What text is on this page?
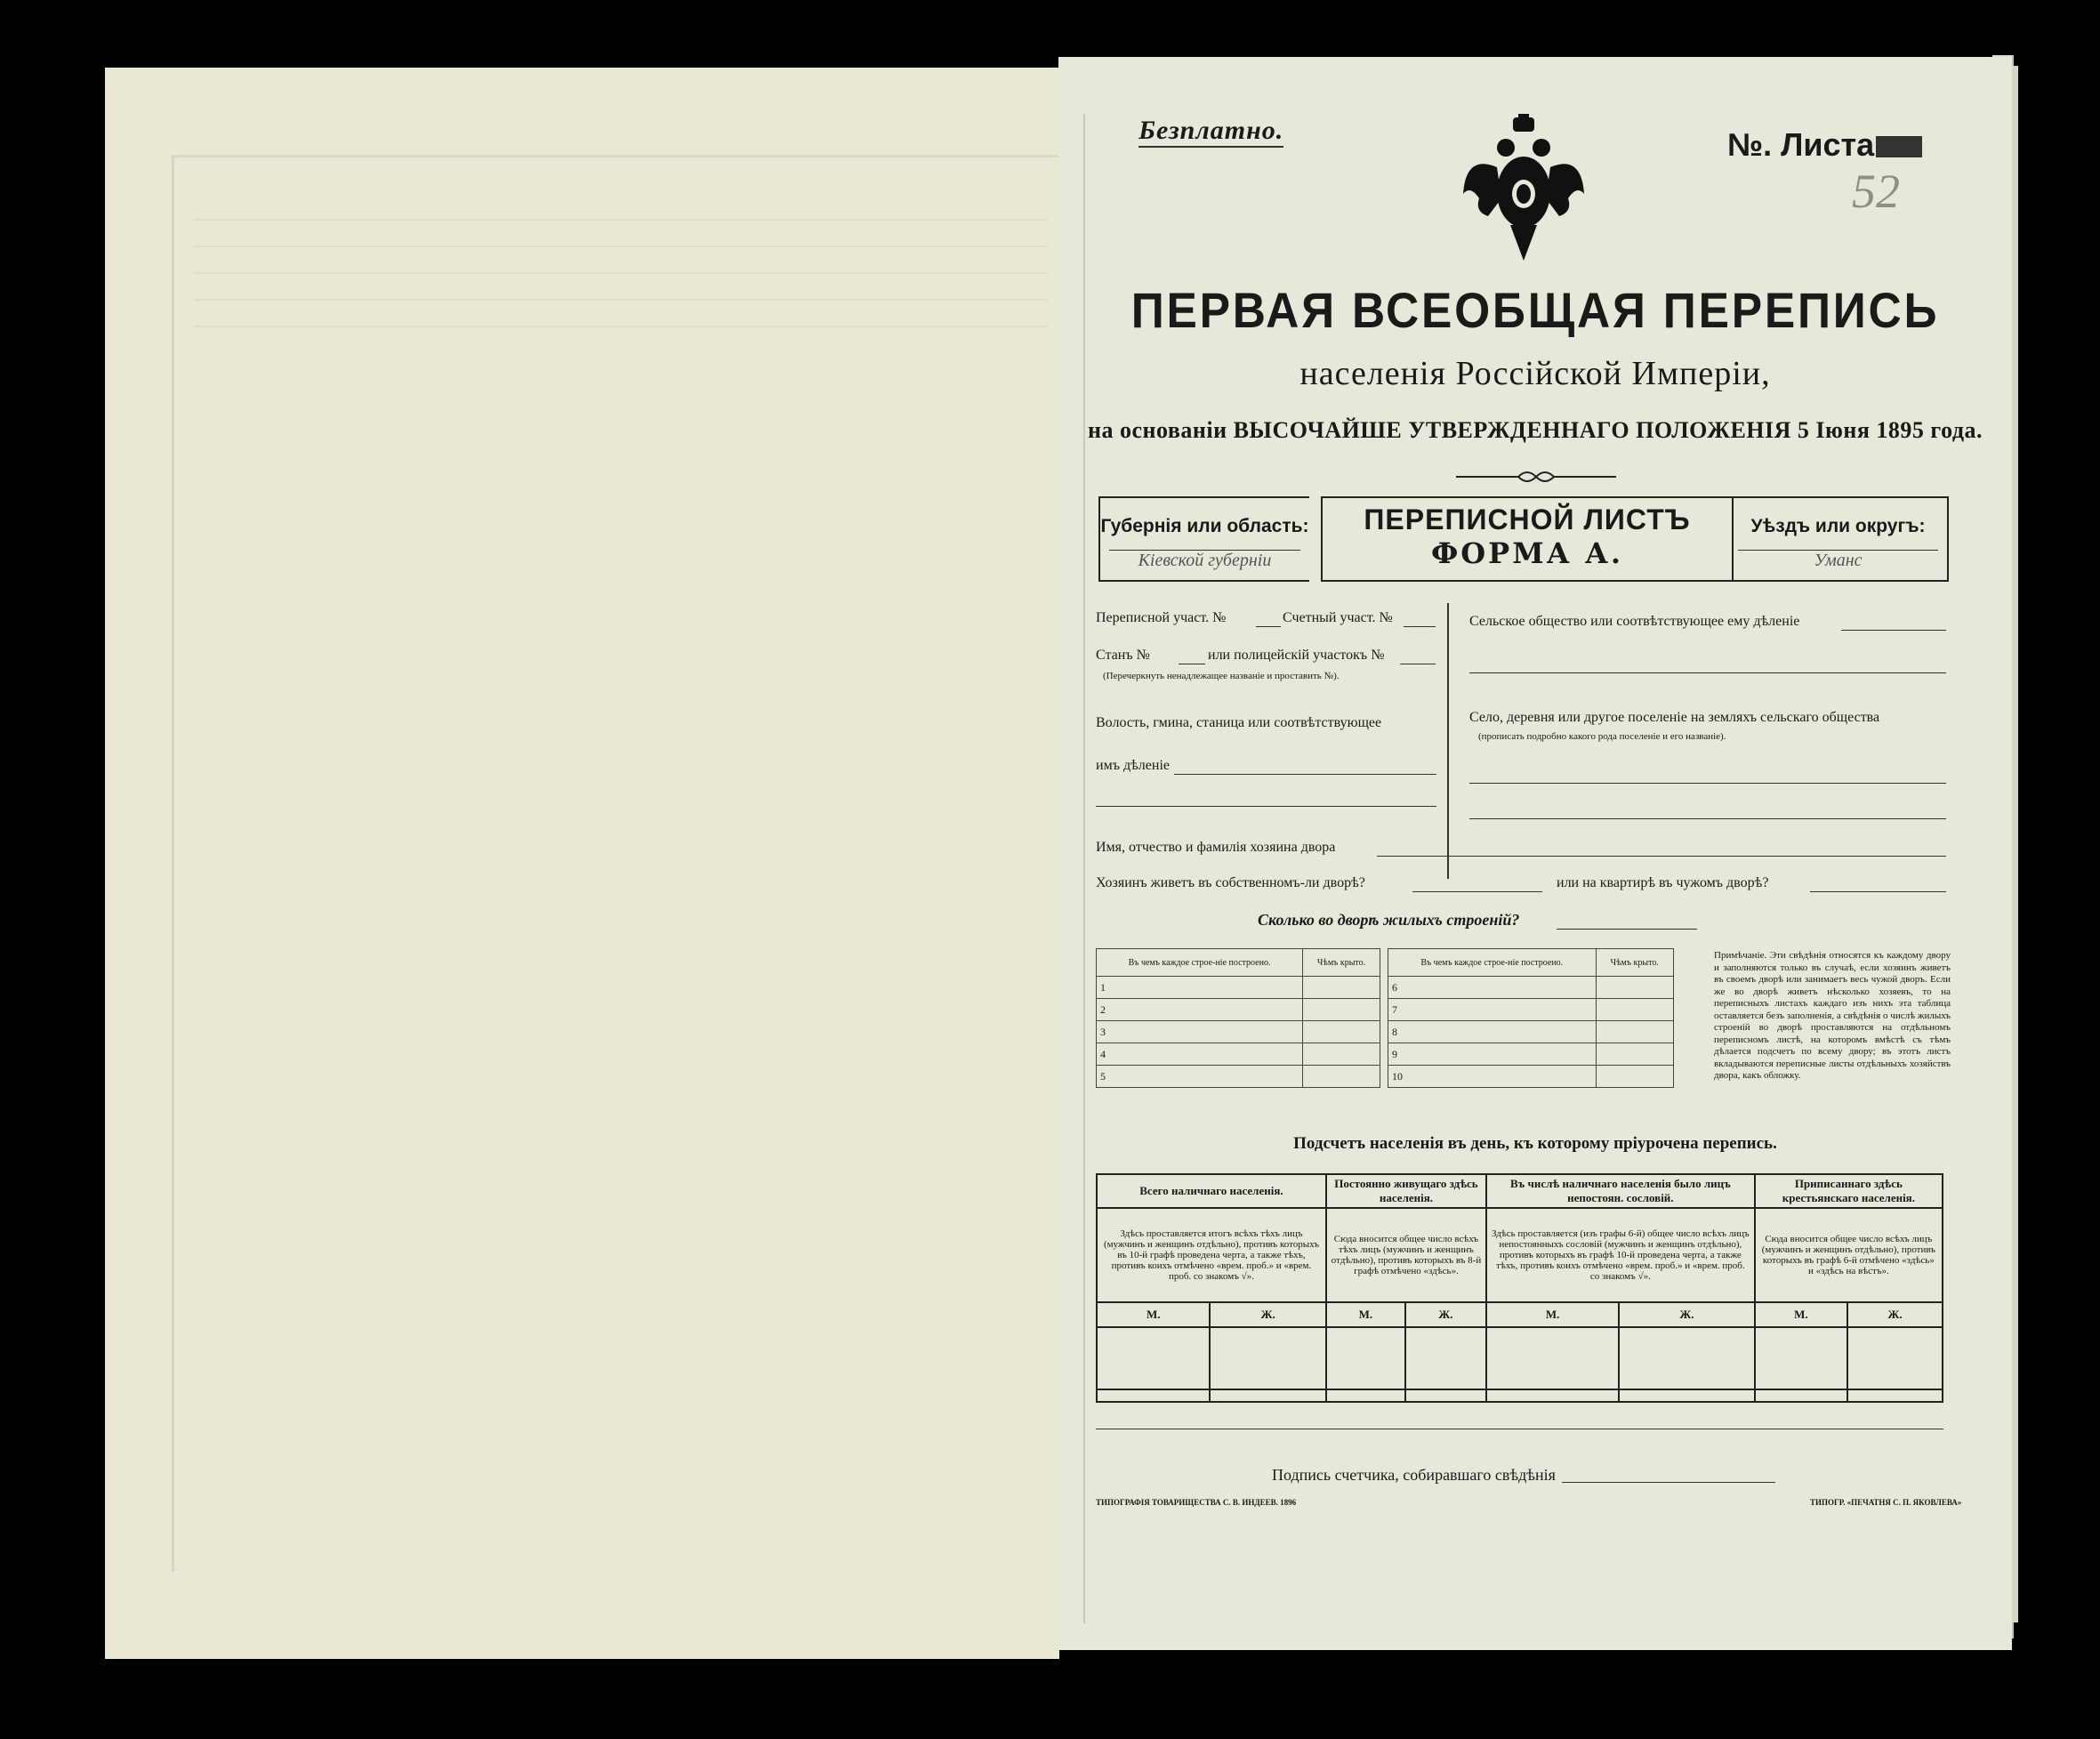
Безплатно.	№. Листа
52
ПЕРВАЯ ВСЕОБЩАЯ ПЕРЕПИСЬ
населенія Россійской Имперіи,
на основаніи ВЫСОЧАЙШЕ УТВЕРЖДЕННАГО ПОЛОЖЕНІЯ 5 Іюня 1895 года.
Губернія или область:
Кіевской губерніи
ПЕРЕПИСНОЙ ЛИСТЪ
ФОРМА А.
Уѣздъ или округъ:
Уманс
Переписной участ. №	Счетный участ. №
Станъ №	или полицейскій участокъ №
(Перечеркнуть ненадлежащее названіе и проставить №).
Волость, гмина, станица или соотвѣтствующее
имъ дѣленіе
Сельское общество или соотвѣтствующее ему дѣленіе
Село, деревня или другое поселеніе на земляхъ сельскаго общества
(прописать подробно какого рода поселеніе и его названіе).
Имя, отчество и фамилія хозяина двора
Хозяинъ живетъ въ собственномъ-ли дворѣ?	или на квартирѣ въ чужомъ дворѣ?
Сколько во дворѣ жилыхъ строеній?
Въ чемъ каждое строе-ніе построено.	Чѣмъ крыто.
1	
2	
3	
4	
5	
Въ чемъ каждое строе-ніе построено.	Чѣмъ крыто.
6	
7	
8	
9	
10	
Примѣчаніе. Эти свѣдѣнія относятся къ каждому двору и заполняются только въ случаѣ, если хозяинъ живетъ въ своемъ дворѣ или занимаетъ весь чужой дворъ. Если же во дворѣ живетъ нѣсколько хозяевъ, то на переписныхъ листахъ каждаго изъ нихъ эта таблица оставляется безъ заполненія, а свѣдѣнія о числѣ жилыхъ строеній во дворѣ проставляются на отдѣльномъ переписномъ листѣ, на которомъ вмѣстѣ съ тѣмъ дѣлается подсчетъ по всему двору; въ этотъ листъ вкладываются переписные листы отдѣльныхъ хозяйствъ двора, какъ обложку.
Подсчетъ населенія въ день, къ которому пріурочена перепись.
Всего наличнаго населенія.		Постоянно живущаго здѣсь населенія.		Въ числѣ наличнаго населенія было лицъ непостоян. сословій.		Приписаннаго здѣсь крестьянскаго населенія.	
Здѣсь проставляется итогъ всѣхъ тѣхъ лицъ (мужчинъ и женщинъ отдѣльно), противъ которыхъ въ 10-й графѣ проведена черта, а также тѣхъ, противъ коихъ отмѣчено «врем. проб.» и «врем. проб. со знакомъ √».		Сюда вносится общее число всѣхъ тѣхъ лицъ (мужчинъ и женщинъ отдѣльно), противъ которыхъ въ 8-й графѣ отмѣчено «здѣсь».		Здѣсь проставляется (изъ графы 6-й) общее число всѣхъ лицъ непостоянныхъ сословій (мужчинъ и женщинъ отдѣльно), противъ которыхъ въ графѣ 10-й проведена черта, а также тѣхъ, противъ коихъ отмѣчено «врем. проб.» и «врем. проб. со знакомъ √».		Сюда вносится общее число всѣхъ лицъ (мужчинъ и женщинъ отдѣльно), противъ которыхъ въ графѣ 6-й отмѣчено «здѣсь» и «здѣсь на вѣстъ».	
М.	Ж.	М.	Ж.	М.	Ж.	М.	Ж.

Подпись счетчика, собиравшаго свѣдѣнія
ТИПОГРАФІЯ ТОВАРИЩЕСТВА С. В. ИНДЕЕВ. 1896	ТИПОГР. «ПЕЧАТНЯ С. П. ЯКОВЛЕВА»
